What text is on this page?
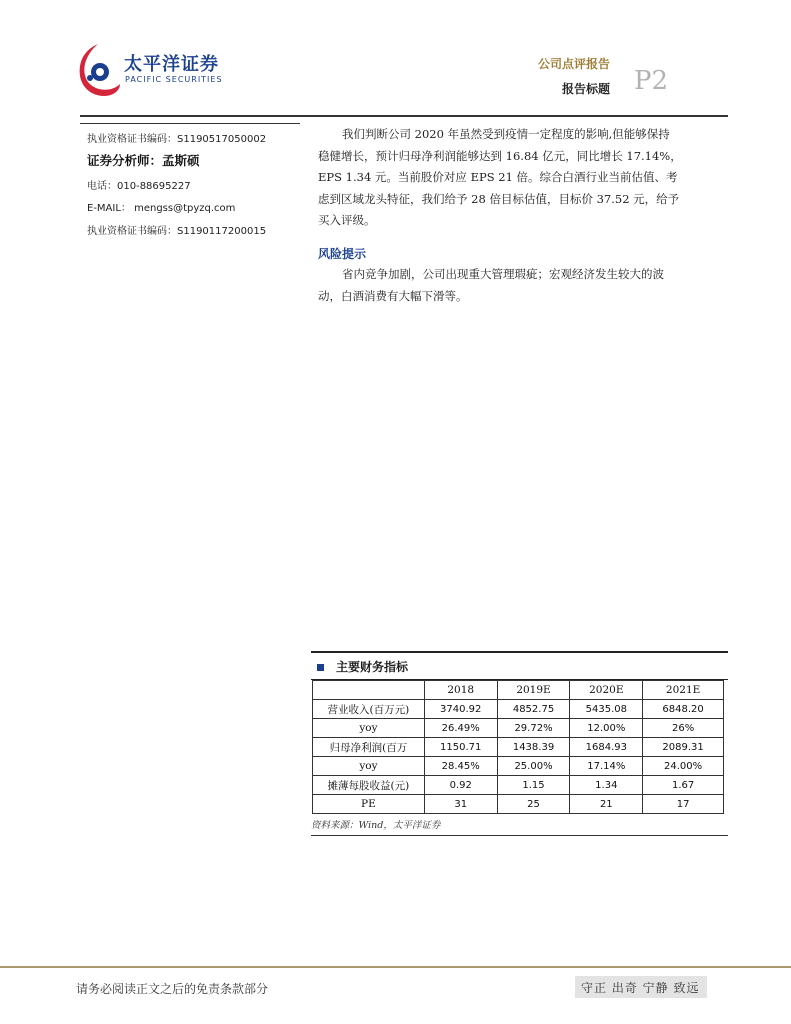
太平洋证券
PACIFIC SECURITIES
公司点评报告
报告标题 P2
执业资格证书编码：S1190517050002
证券分析师：孟斯硕
电话：010-88695227
E-MAIL： mengss@tpyzq.com
执业资格证书编码：S1190117200015
我们判断公司 2020 年虽然受到疫情一定程度的影响,但能够保持
稳健增长，预计归母净利润能够达到 16.84 亿元，同比增长 17.14%，
EPS 1.34 元。当前股价对应 EPS 21 倍。综合白酒行业当前估值、考
虑到区域龙头特征，我们给予 28 倍目标估值，目标价 37.52 元，给予
买入评级。
风险提示
省内竞争加剧，公司出现重大管理瑕疵；宏观经济发生较大的波
动，白酒消费有大幅下滑等。
主要财务指标
	2018	2019E	2020E	2021E
营业收入(百万元)	3740.92	4852.75	5435.08	6848.20
yoy	26.49%	29.72%	12.00%	26%
归母净利润(百万	1150.71	1438.39	1684.93	2089.31
yoy	28.45%	25.00%	17.14%	24.00%
摊薄每股收益(元)	0.92	1.15	1.34	1.67
PE	31	25	21	17
资料来源：Wind，太平洋证券
请务必阅读正文之后的免责条款部分	守正 出奇 宁静 致远
